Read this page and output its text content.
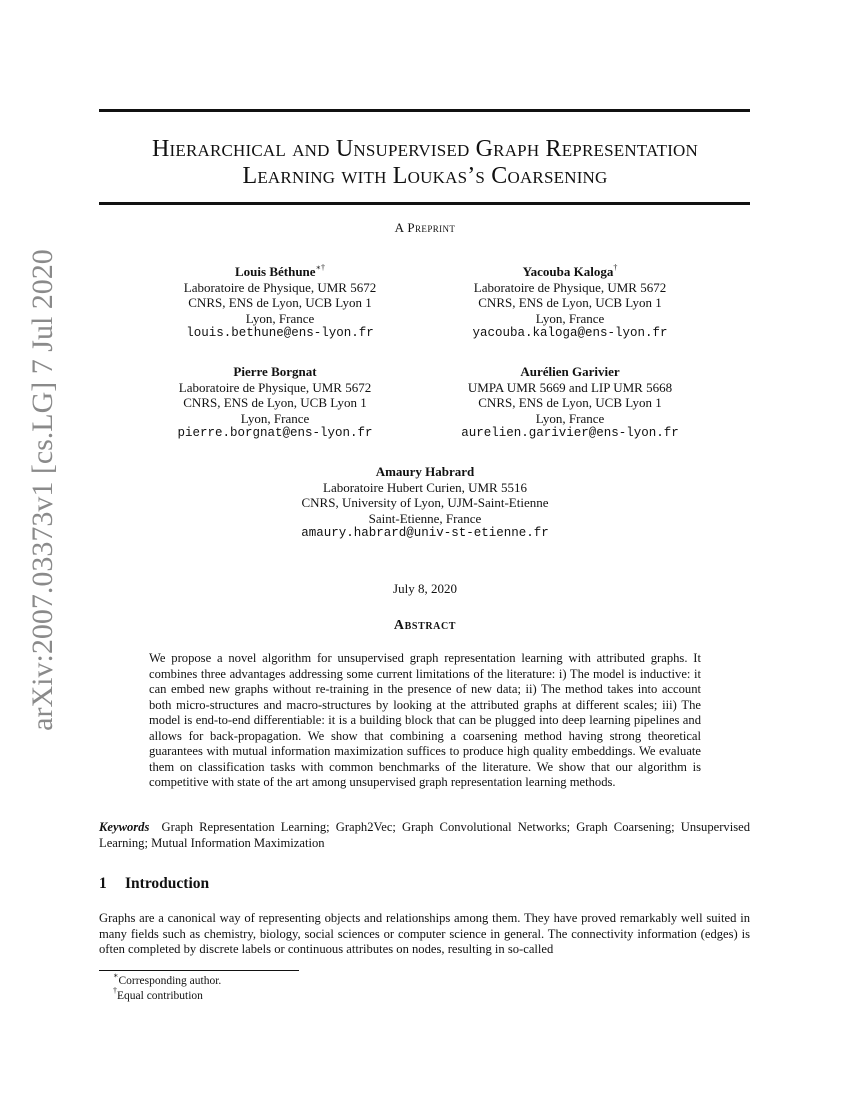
arXiv:2007.03373v1 [cs.LG] 7 Jul 2020
Hierarchical and Unsupervised Graph Representation
Learning with Loukas’s Coarsening
A Preprint
Louis Béthune∗†
Laboratoire de Physique, UMR 5672
CNRS, ENS de Lyon, UCB Lyon 1
Lyon, France
louis.bethune@ens-lyon.fr
Yacouba Kaloga†
Laboratoire de Physique, UMR 5672
CNRS, ENS de Lyon, UCB Lyon 1
Lyon, France
yacouba.kaloga@ens-lyon.fr
Pierre Borgnat
Laboratoire de Physique, UMR 5672
CNRS, ENS de Lyon, UCB Lyon 1
Lyon, France
pierre.borgnat@ens-lyon.fr
Aurélien Garivier
UMPA UMR 5669 and LIP UMR 5668
CNRS, ENS de Lyon, UCB Lyon 1
Lyon, France
aurelien.garivier@ens-lyon.fr
Amaury Habrard
Laboratoire Hubert Curien, UMR 5516
CNRS, University of Lyon, UJM-Saint-Etienne
Saint-Etienne, France
amaury.habrard@univ-st-etienne.fr
July 8, 2020
Abstract
We propose a novel algorithm for unsupervised graph representation learning with attributed graphs. It combines three advantages addressing some current limitations of the literature: i) The model is inductive: it can embed new graphs without re-training in the presence of new data; ii) The method takes into account both micro-structures and macro-structures by looking at the attributed graphs at different scales; iii) The model is end-to-end differentiable: it is a building block that can be plugged into deep learning pipelines and allows for back-propagation. We show that combining a coarsening method having strong theoretical guarantees with mutual information maximization suffices to produce high quality embeddings. We evaluate them on classification tasks with common benchmarks of the literature. We show that our algorithm is competitive with state of the art among unsupervised graph representation learning methods.
Keywords Graph Representation Learning; Graph2Vec; Graph Convolutional Networks; Graph Coarsening; Unsupervised Learning; Mutual Information Maximization
1 Introduction
Graphs are a canonical way of representing objects and relationships among them. They have proved remarkably well suited in many fields such as chemistry, biology, social sciences or computer science in general. The connectivity information (edges) is often completed by discrete labels or continuous attributes on nodes, resulting in so-called
∗Corresponding author.
†Equal contribution
